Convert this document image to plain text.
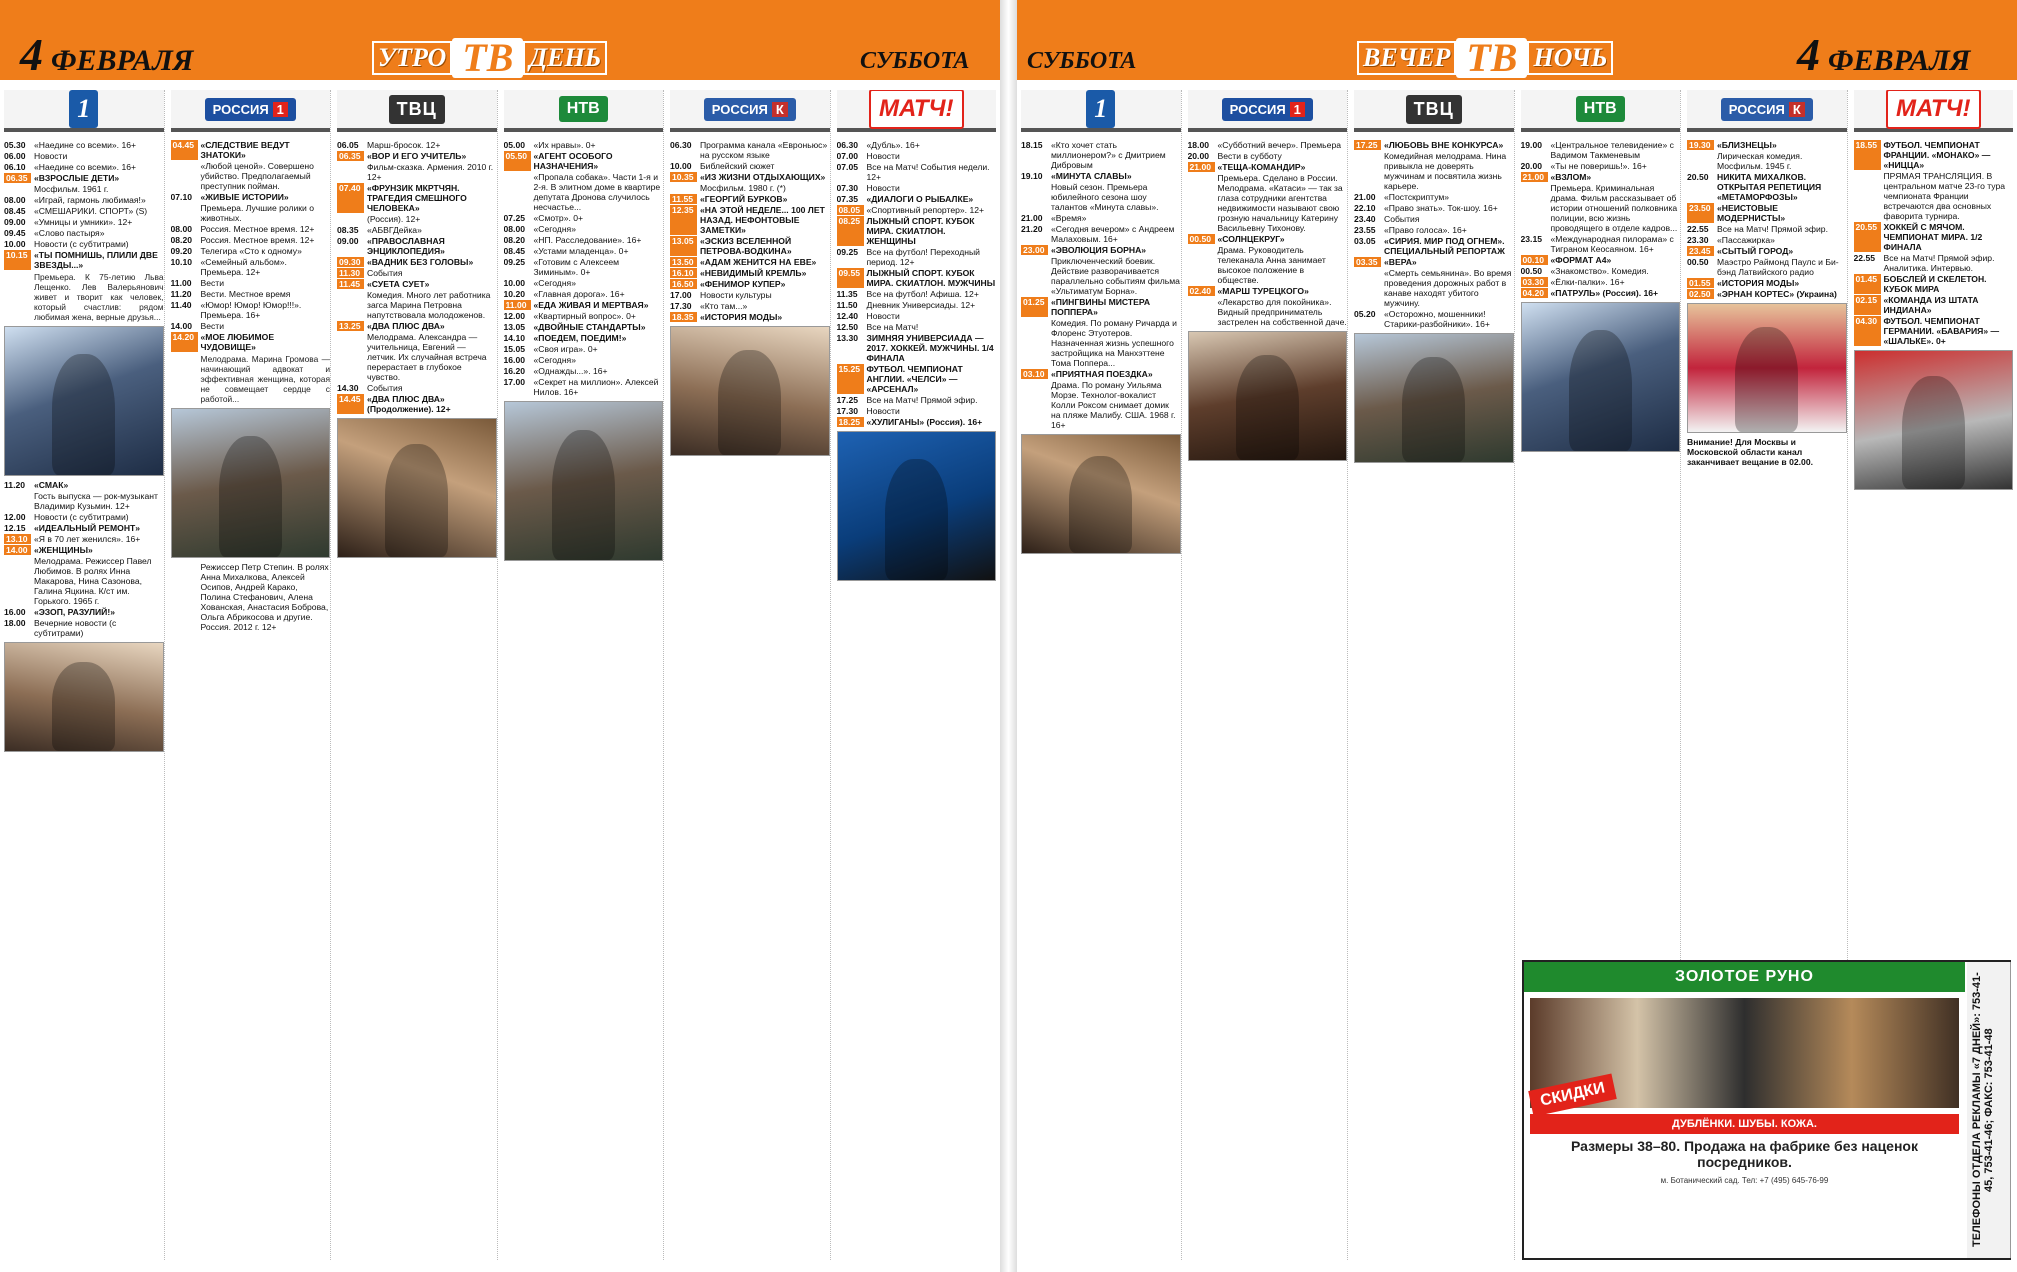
4 ФЕВРАЛЯ	УТРО ТВ ДЕНЬ	СУББОТА
1
05.30 «Наедине со всеми». 16+
06.00 Новости
06.10 «Наедине со всеми». 16+
06.35 «ВЗРОСЛЫЕ ДЕТИ»
Мосфильм. 1961 г.
08.00 «Играй, гармонь любимая!»
08.45 «СМЕШАРИКИ. СПОРТ» (S)
09.00 «Умницы и умники». 12+
09.45 «Слово пастыря»
10.00 Новости (с субтитрами)
10.15 «ТЫ ПОМНИШЬ, ПЛИЛИ ДВЕ ЗВЕЗДЫ...»
Премьера. К 75-летию Льва Лещенко. Лев Валерьянович живет и творит как человек, который счастлив: рядом любимая жена, верные друзья...
11.20	«СМАК»
Гость выпуска — рок-музыкант Владимир Кузьмин. 12+
12.00 Новости (с субтитрами)
12.15 «ИДЕАЛЬНЫЙ РЕМОНТ»
13.10 «Я в 70 лет женился». 16+
14.00 «ЖЕНЩИНЫ»
Мелодрама. Режиссер Павел Любимов. В ролях Инна Макарова, Нина Сазонова, Галина Яцкина. К/ст им. Горького. 1965 г.
16.00 «ЭЗОП, РАЗУЛИЙ!»
18.00 Вечерние новости (с субтитрами)
РОССИЯ 1
04.45 «СЛЕДСТВИЕ ВЕДУТ ЗНАТОКИ»
«Любой ценой». Совершено убийство. Предполагаемый преступник пойман.
07.10 «ЖИВЫЕ ИСТОРИИ»
Премьера. Лучшие ролики о животных.
08.00 Россия. Местное время. 12+
08.20 Россия. Местное время. 12+
09.20 Телегира «Сто к одному»
10.10 «Семейный альбом». Премьера. 12+
11.00	Вести
11.20	Вести. Местное время
11.40	«Юмор! Юмор! Юмор!!!». Премьера. 16+
14.00 Вести
14.20 «МОЕ ЛЮБИМОЕ ЧУДОВИЩЕ»
Мелодрама. Марина Громова — начинающий адвокат и эффективная женщина, которая не совмещает сердце с работой...
Режиссер Петр Степин. В ролях Анна Михалкова, Алексей Осипов, Андрей Карако, Полина Стефанович, Алена Хованская, Анастасия Боброва, Ольга Абрикосова и другие. Россия. 2012 г. 12+
ТВЦ
06.05 Марш-бросок. 12+
06.35 «ВОР И ЕГО УЧИТЕЛЬ»
Фильм-сказка. Армения. 2010 г. 12+
07.40 «ФРУНЗИК МКРТЧЯН. ТРАГЕДИЯ СМЕШНОГО ЧЕЛОВЕКА»
(Россия). 12+
08.35 «АБВГДейка»
09.00 «ПРАВОСЛАВНАЯ ЭНЦИКЛОПЕДИЯ»
09.30 «ВАДНИК БЕЗ ГОЛОВЫ»
11.30 События
11.45 «СУЕТА СУЕТ»
Комедия. Много лет работника загса Марина Петровна напутствовала молодоженов.
13.25 «ДВА ПЛЮС ДВА»
Мелодрама. Александра — учительница, Евгений — летчик. Их случайная встреча перерастает в глубокое чувство.
14.30 События
14.45 «ДВА ПЛЮС ДВА» (Продолжение). 12+
НТВ
05.00 «Их нравы». 0+
05.50 «АГЕНТ ОСОБОГО НАЗНАЧЕНИЯ»
«Пропала собака». Части 1-я и 2-я. В элитном доме в квартире депутата Дронова случилось несчастье...
07.25 «Смотр». 0+
08.00 «Сегодня»
08.20 «НП. Расследование». 16+
08.45 «Устами младенца». 0+
09.25 «Готовим с Алексеем Зиминым». 0+
10.00 «Сегодня»
10.20 «Главная дорога». 16+
11.00 «ЕДА ЖИВАЯ И МЕРТВАЯ»
12.00 «Квартирный вопрос». 0+
13.05 «ДВОЙНЫЕ СТАНДАРТЫ»
14.10 «ПОЕДЕМ, ПОЕДИМ!»
15.05 «Своя игра». 0+
16.00 «Сегодня»
16.20 «Однажды...». 16+
17.00 «Секрет на миллион». Алексей Нилов. 16+
РОССИЯ К
06.30 Программа канала «Евроньюс» на русском языке
10.00 Библейский сюжет
10.35 «ИЗ ЖИЗНИ ОТДЫХАЮЩИХ»
Мосфильм. 1980 г. (*)
11.55 «ГЕОРГИЙ БУРКОВ»
12.35 «НА ЭТОЙ НЕДЕЛЕ... 100 ЛЕТ НАЗАД. НЕФОНТОВЫЕ ЗАМЕТКИ»
13.05 «ЭСКИЗ ВСЕЛЕННОЙ ПЕТРОВА-ВОДКИНА»
13.50 «АДАМ ЖЕНИТСЯ НА ЕВЕ»
16.10 «НЕВИДИМЫЙ КРЕМЛЬ»
16.50 «ФЕНИМОР КУПЕР»
17.00 Новости культуры
17.30 «Кто там...»
18.35 «ИСТОРИЯ МОДЫ»
МАТЧ!
06.30 «Дубль». 16+
07.00 Новости
07.05 Все на Матч! События недели. 12+
07.30 Новости
07.35 «ДИАЛОГИ О РЫБАЛКЕ»
08.05 «Спортивный репортер». 12+
08.25 ЛЫЖНЫЙ СПОРТ. КУБОК МИРА. СКИАТЛОН. ЖЕНЩИНЫ
09.25 Все на футбол! Переходный период. 12+
09.55 ЛЫЖНЫЙ СПОРТ. КУБОК МИРА. СКИАТЛОН. МУЖЧИНЫ
11.35	Все на футбол! Афиша. 12+
11.50	Дневник Универсиады. 12+
12.40 Новости
12.50 Все на Матч!
13.30 ЗИМНЯЯ УНИВЕРСИАДА — 2017. ХОККЕЙ. МУЖЧИНЫ. 1/4 ФИНАЛА
15.25 ФУТБОЛ. ЧЕМПИОНАТ АНГЛИИ. «ЧЕЛСИ» — «АРСЕНАЛ»
17.25 Все на Матч! Прямой эфир.
17.30 Новости
18.25 «ХУЛИГАНЫ» (Россия). 16+
СУББОТА	ВЕЧЕР ТВ НОЧЬ	4 ФЕВРАЛЯ
1
18.15 «Кто хочет стать миллионером?» с Дмитрием Дибровым
19.10 «МИНУТА СЛАВЫ»
Новый сезон. Премьера юбилейного сезона шоу талантов «Минута славы».
21.00 «Время»
21.20 «Сегодня вечером» с Андреем Малаховым. 16+
23.00 «ЭВОЛЮЦИЯ БОРНА»
Приключенческий боевик. Действие разворачивается параллельно событиям фильма «Ультиматум Борна».
01.25 «ПИНГВИНЫ МИСТЕРА ПОППЕРА»
Комедия. По роману Ричарда и Флоренс Этуотеров. Назначенная жизнь успешного застройщика на Манхэттене Тома Поппера...
03.10 «ПРИЯТНАЯ ПОЕЗДКА»
Драма. По роману Уильяма Морзе. Технолог-вокалист Колли Роксом снимает домик на пляже Малибу. США. 1968 г. 16+
РОССИЯ 1
18.00 «Субботний вечер». Премьера
20.00 Вести в субботу
21.00 «ТЕЩА-КОМАНДИР»
Премьера. Сделано в России. Мелодрама. «Катаси» — так за глаза сотрудники агентства недвижимости называют свою грозную начальницу Катерину Васильевну Тихонову.
00.50 «СОЛНЦЕКРУГ»
Драма. Руководитель телеканала Анна занимает высокое положение в обществе.
02.40 «МАРШ ТУРЕЦКОГО»
«Лекарство для покойника». Видный предприниматель застрелен на собственной даче.
ТВЦ
17.25 «ЛЮБОВЬ ВНЕ КОНКУРСА»
Комедийная мелодрама. Нина привыкла не доверять мужчинам и посвятила жизнь карьере.
21.00 «Постскриптум»
22.10 «Право знать». Ток-шоу. 16+
23.40 События
23.55 «Право голоса». 16+
03.05 «СИРИЯ. МИР ПОД ОГНЕМ». СПЕЦИАЛЬНЫЙ РЕПОРТАЖ
03.35 «ВЕРА»
«Смерть семьянина». Во время проведения дорожных работ в канаве находят убитого мужчину.
05.20 «Осторожно, мошенники! Старики-разбойники». 16+
НТВ
19.00 «Центральное телевидение» с Вадимом Такменевым
20.00 «Ты не поверишь!». 16+
21.00 «ВЗЛОМ»
Премьера. Криминальная драма. Фильм рассказывает об истории отношений полковника полиции, всю жизнь проводящего в отделе кадров...
23.15 «Международная пилорама» с Тиграном Кеосаяном. 16+
00.10 «ФОРМАТ А4»
00.50 «Знакомство». Комедия.
03.30 «Ёлки-палки». 16+
04.20 «ПАТРУЛЬ» (Россия). 16+
РОССИЯ К
19.30 «БЛИЗНЕЦЫ»
Лирическая комедия. Мосфильм. 1945 г.
20.50 НИКИТА МИХАЛКОВ. ОТКРЫТАЯ РЕПЕТИЦИЯ «МЕТАМОРФОЗЫ»
23.50 «НЕИСТОВЫЕ МОДЕРНИСТЫ»
22.55 Все на Матч! Прямой эфир.
23.30 «Пассажирка»
23.45 «СЫТЫЙ ГОРОД»
00.50 Маэстро Раймонд Паулс и Би-бэнд Латвийского радио
01.55 «ИСТОРИЯ МОДЫ»
02.50 «ЭРНАН КОРТЕС» (Украина)
Внимание! Для Москвы и Московской области канал заканчивает вещание в 02.00.
МАТЧ!
18.55 ФУТБОЛ. ЧЕМПИОНАТ ФРАНЦИИ. «МОНАКО» — «НИЦЦА»
ПРЯМАЯ ТРАНСЛЯЦИЯ. В центральном матче 23-го тура чемпионата Франции встречаются два основных фаворита турнира.
20.55 ХОККЕЙ С МЯЧОМ. ЧЕМПИОНАТ МИРА. 1/2 ФИНАЛА
22.55 Все на Матч! Прямой эфир. Аналитика. Интервью.
01.45 БОБСЛЕЙ И СКЕЛЕТОН. КУБОК МИРА
02.15 «КОМАНДА ИЗ ШТАТА ИНДИАНА»
04.30 ФУТБОЛ. ЧЕМПИОНАТ ГЕРМАНИИ. «БАВАРИЯ» — «ШАЛЬКЕ». 0+
ТЕЛЕФОНЫ ОТДЕЛА РЕКЛАМЫ «7 ДНЕЙ»: 753-41-45, 753-41-46; ФАКС: 753-41-48
ЗОЛОТОЕ РУНО
СКИДКИ
ДУБЛЁНКИ. ШУБЫ. КОЖА.
Размеры 38–80. Продажа на фабрике без наценок посредников.
м. Ботанический сад. Тел: +7 (495) 645-76-99
